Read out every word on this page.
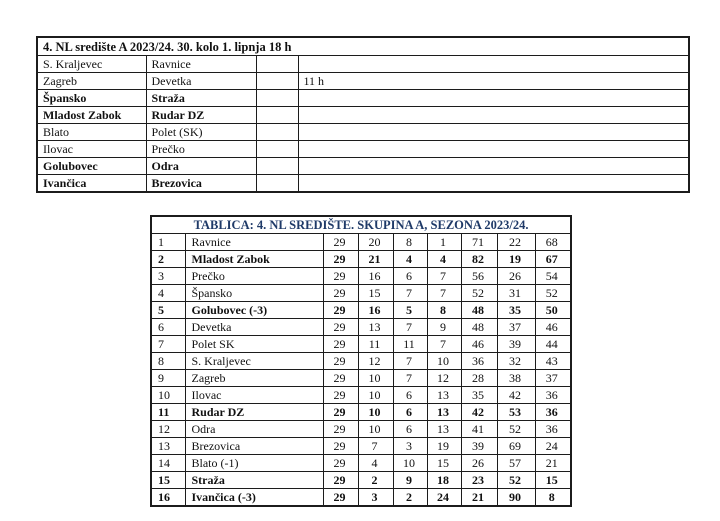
4. NL središte A 2023/24. 30. kolo 1. lipnja 18 h			
S. Kraljevec	Ravnice		
Zagreb	Devetka		11 h
Špansko	Straža		
Mladost Zabok	Rudar DZ		
Blato	Polet (SK)		
Ilovac	Prečko		
Golubovec	Odra		
Ivančica	Brezovica		
TABLICA: 4. NL SREDIŠTE. SKUPINA A, SEZONA 2023/24.								
1	Ravnice	29	20	8	1	71	22	68
2	Mladost Zabok	29	21	4	4	82	19	67
3	Prečko	29	16	6	7	56	26	54
4	Špansko	29	15	7	7	52	31	52
5	Golubovec (-3)	29	16	5	8	48	35	50
6	Devetka	29	13	7	9	48	37	46
7	Polet SK	29	11	11	7	46	39	44
8	S. Kraljevec	29	12	7	10	36	32	43
9	Zagreb	29	10	7	12	28	38	37
10	Ilovac	29	10	6	13	35	42	36
11	Rudar DZ	29	10	6	13	42	53	36
12	Odra	29	10	6	13	41	52	36
13	Brezovica	29	7	3	19	39	69	24
14	Blato (-1)	29	4	10	15	26	57	21
15	Straža	29	2	9	18	23	52	15
16	Ivančica (-3)	29	3	2	24	21	90	8
